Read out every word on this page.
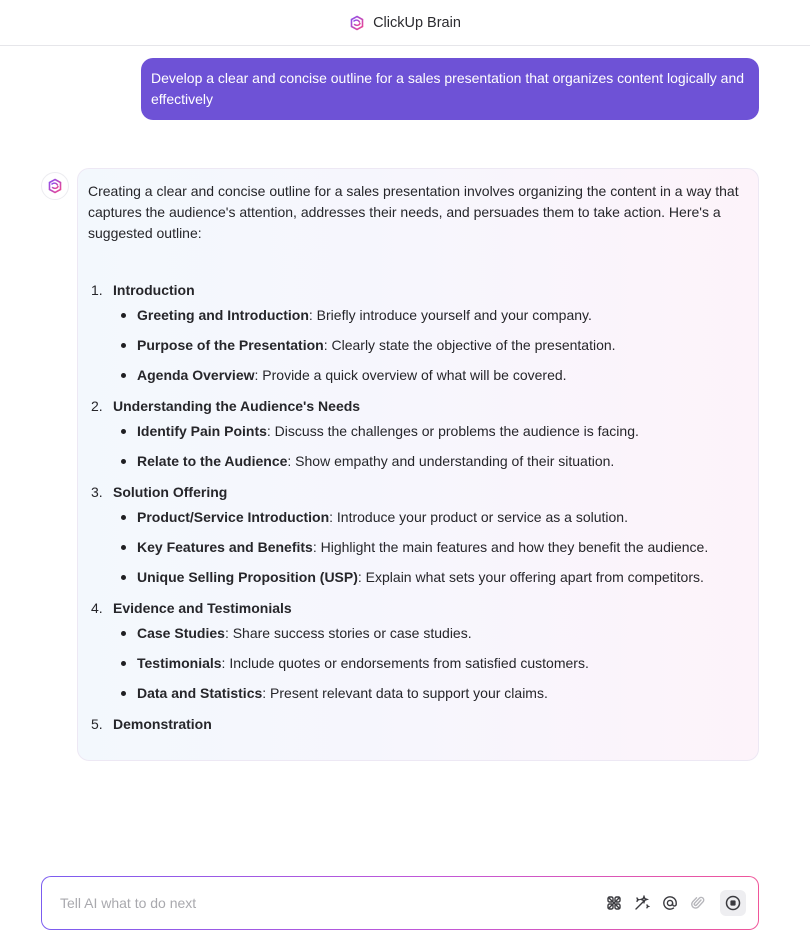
ClickUp Brain
Develop a clear and concise outline for a sales presentation that organizes content logically and effectively

Creating a clear and concise outline for a sales presentation involves organizing the content in a way that captures the audience's attention, addresses their needs, and persuades them to take action. Here's a suggested outline:

1. Introduction
Greeting and Introduction: Briefly introduce yourself and your company.
Purpose of the Presentation: Clearly state the objective of the presentation.
Agenda Overview: Provide a quick overview of what will be covered.
2. Understanding the Audience's Needs
Identify Pain Points: Discuss the challenges or problems the audience is facing.
Relate to the Audience: Show empathy and understanding of their situation.
3. Solution Offering
Product/Service Introduction: Introduce your product or service as a solution.
Key Features and Benefits: Highlight the main features and how they benefit the audience.
Unique Selling Proposition (USP): Explain what sets your offering apart from competitors.
4. Evidence and Testimonials
Case Studies: Share success stories or case studies.
Testimonials: Include quotes or endorsements from satisfied customers.
Data and Statistics: Present relevant data to support your claims.
5. Demonstration
Tell AI what to do next
